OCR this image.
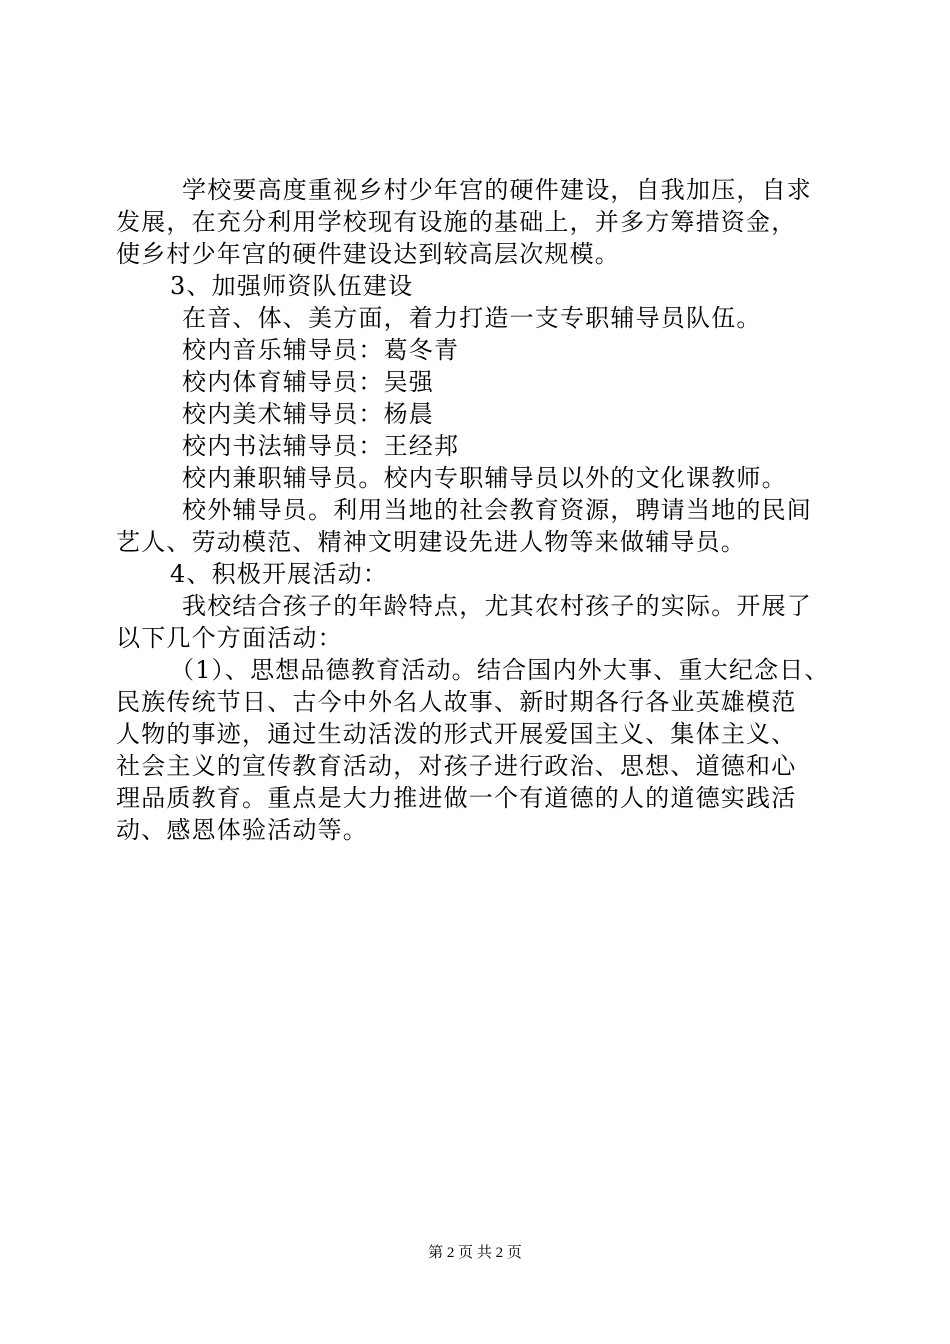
学校要高度重视乡村少年宫的硬件建设，自我加压，自求
发展，在充分利用学校现有设施的基础上，并多方筹措资金，
使乡村少年宫的硬件建设达到较高层次规模。
3、加强师资队伍建设
在音、体、美方面，着力打造一支专职辅导员队伍。
校内音乐辅导员：葛冬青
校内体育辅导员：吴强
校内美术辅导员：杨晨
校内书法辅导员：王经邦
校内兼职辅导员。校内专职辅导员以外的文化课教师。
校外辅导员。利用当地的社会教育资源，聘请当地的民间
艺人、劳动模范、精神文明建设先进人物等来做辅导员。
4、积极开展活动：
我校结合孩子的年龄特点，尤其农村孩子的实际。开展了
以下几个方面活动：
（1）、思想品德教育活动。结合国内外大事、重大纪念日、
民族传统节日、古今中外名人故事、新时期各行各业英雄模范
人物的事迹，通过生动活泼的形式开展爱国主义、集体主义、
社会主义的宣传教育活动，对孩子进行政治、思想、道德和心
理品质教育。重点是大力推进做一个有道德的人的道德实践活
动、感恩体验活动等。
第 2 页 共 2 页
